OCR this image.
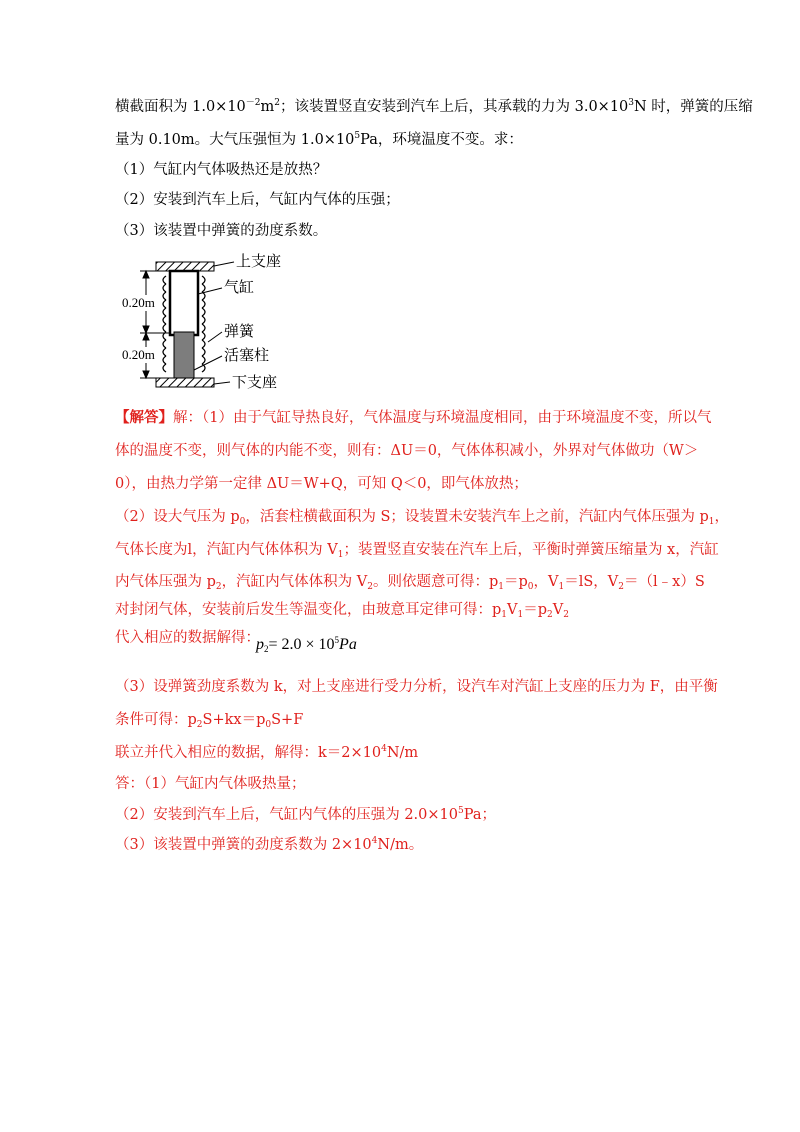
横截面积为 $1.0\times 10^{-2}m^2$；该装置竖直安装到汽车上后，其承载的力为 $3.0\times 10^3N$ 时，弹簧的压缩
量为 0.10m。大气压强恒为 $1.0\times 10^5Pa$，环境温度不变。求：
（1）气缸内气体吸热还是放热？
（2）安装到汽车上后，气缸内气体的压强；
（3）该装置中弹簧的劲度系数。
0.20m
0.20m
上支座
气缸
弹簧
活塞柱
下支座
【解答】解：（1）由于气缸导热良好，气体温度与环境温度相同，由于环境温度不变，所以气
体的温度不变，则气体的内能不变，则有：ΔU＝0，气体体积减小，外界对气体做功（W＞
0），由热力学第一定律 ΔU＝W+Q，可知 Q＜0，即气体放热；
（2）设大气压为 $p_0$，活套柱横截面积为 S；设装置未安装汽车上之前，汽缸内气体压强为 $p_1$，
气体长度为l，汽缸内气体体积为 $V_1$；装置竖直安装在汽车上后，平衡时弹簧压缩量为 x，汽缸
内气体压强为 $p_2$，汽缸内气体体积为 $V_2$。则依题意可得：$p_1=p_0$，$V_1=lS$，$V_2=(l﹣x)S$
对封闭气体，安装前后发生等温变化，由玻意耳定律可得：$p_1V_1=p_2V_2$
代入相应的数据解得：
$p_2= 2.0 \times 10^5Pa$
（3）设弹簧劲度系数为 k，对上支座进行受力分析，设汽车对汽缸上支座的压力为 F，由平衡
条件可得：$p_2S+kx=p_0S+F$
联立并代入相应的数据，解得：$k=2\times 10^4N/m$
答：（1）气缸内气体吸热量；
（2）安装到汽车上后，气缸内气体的压强为 $2.0\times 10^5Pa$；
（3）该装置中弹簧的劲度系数为 $2\times 10^4N/m$。
